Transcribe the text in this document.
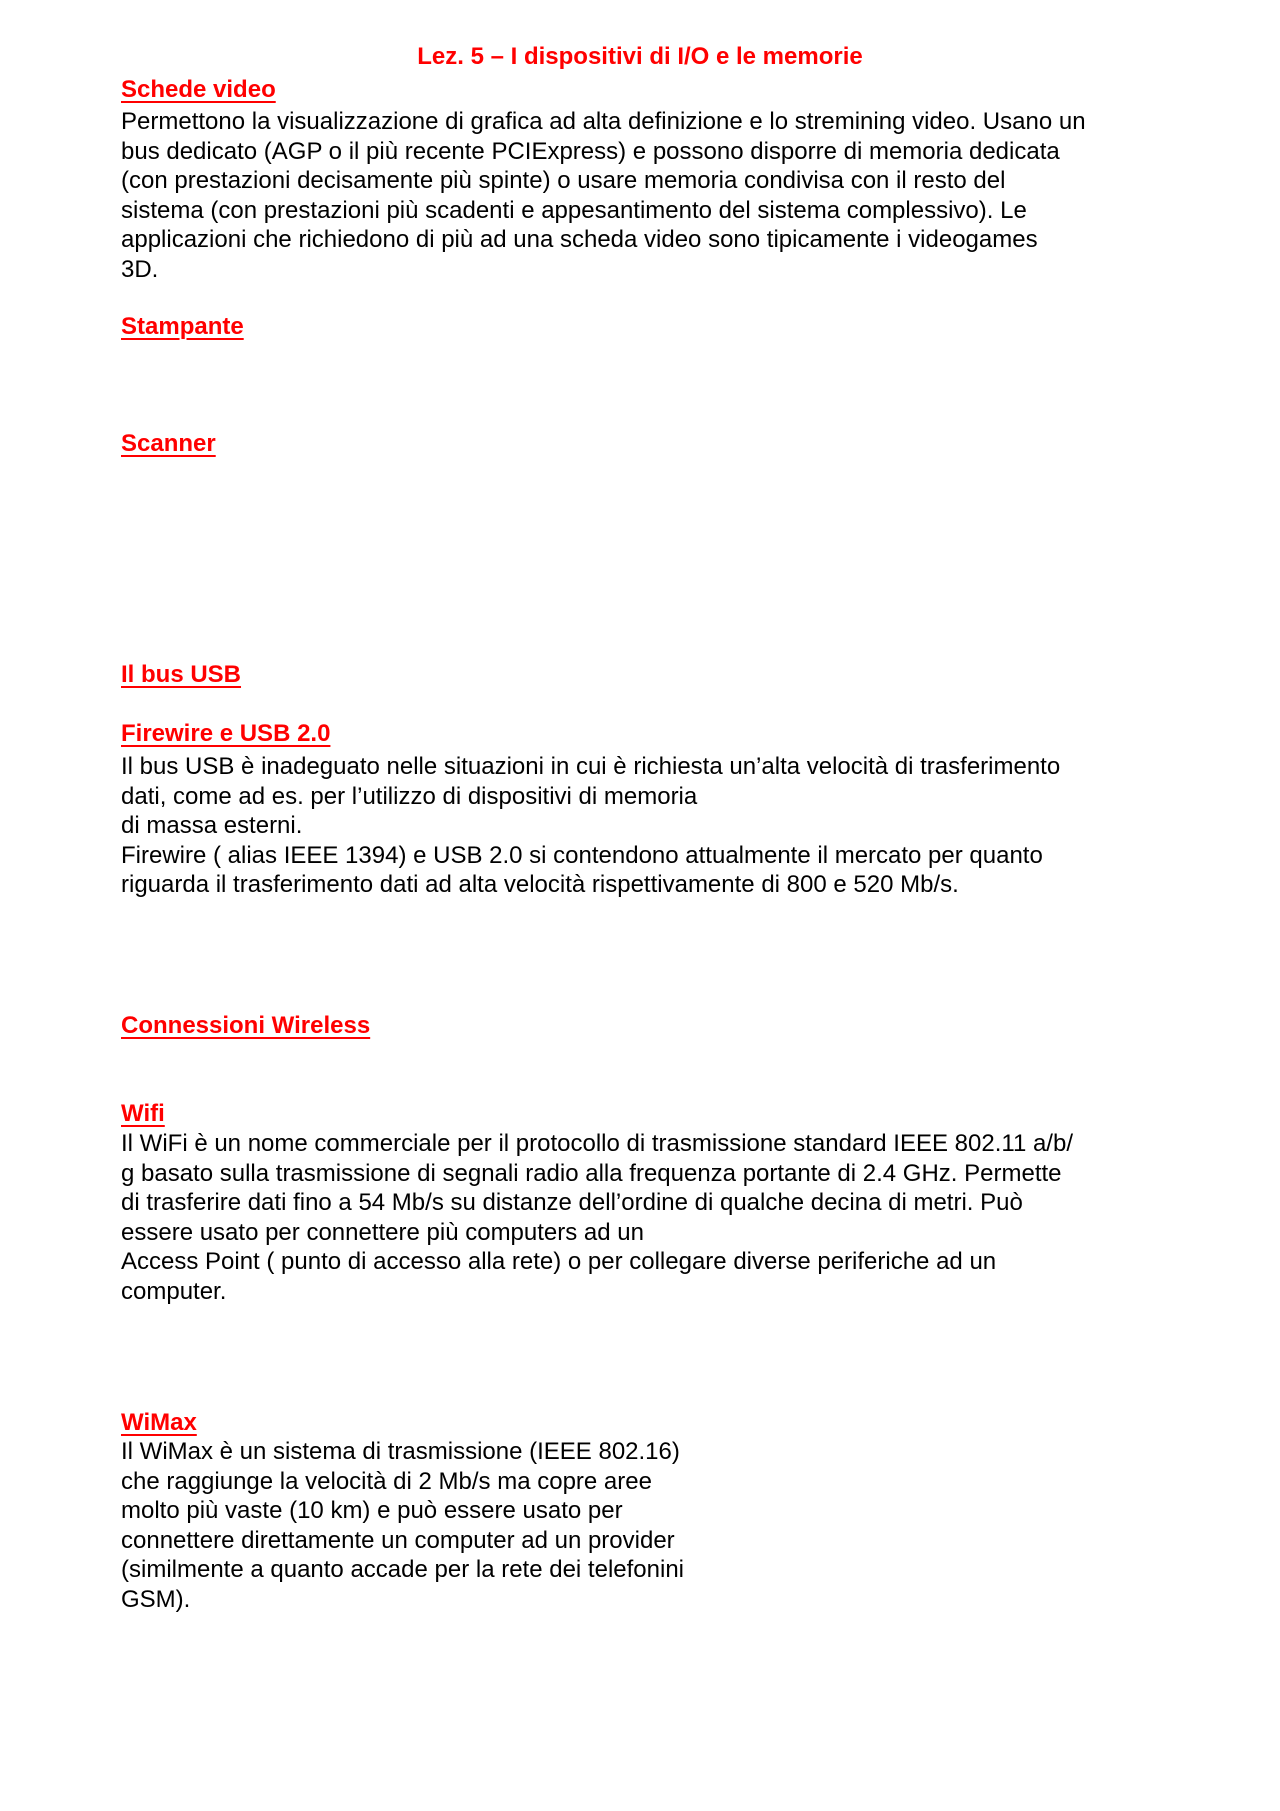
Lez. 5 – I dispositivi di I/O e le memorie
Schede video
Permettono la visualizzazione di grafica ad alta definizione e lo stremining video. Usano un
bus dedicato (AGP o il più recente PCIExpress) e possono disporre di memoria dedicata
(con prestazioni decisamente più spinte) o usare memoria condivisa con il resto del
sistema (con prestazioni più scadenti e appesantimento del sistema complessivo). Le
applicazioni che richiedono di più ad una scheda video sono tipicamente i videogames
3D.
Stampante
Scanner
Il bus USB
Firewire e USB 2.0
Il bus USB è inadeguato nelle situazioni in cui è richiesta un’alta velocità di trasferimento
dati, come ad es. per l’utilizzo di dispositivi di memoria
di massa esterni.
Firewire ( alias IEEE 1394) e USB 2.0 si contendono attualmente il mercato per quanto
riguarda il trasferimento dati ad alta velocità rispettivamente di 800 e 520 Mb/s.
Connessioni Wireless
Wifi
Il WiFi è un nome commerciale per il protocollo di trasmissione standard IEEE 802.11 a/b/
g basato sulla trasmissione di segnali radio alla frequenza portante di 2.4 GHz. Permette
di trasferire dati fino a 54 Mb/s su distanze dell’ordine di qualche decina di metri. Può
essere usato per connettere più computers ad un
Access Point ( punto di accesso alla rete) o per collegare diverse periferiche ad un
computer.
WiMax
Il WiMax è un sistema di trasmissione (IEEE 802.16)
che raggiunge la velocità di 2 Mb/s ma copre aree
molto più vaste (10 km) e può essere usato per
connettere direttamente un computer ad un provider
(similmente a quanto accade per la rete dei telefonini
GSM).
